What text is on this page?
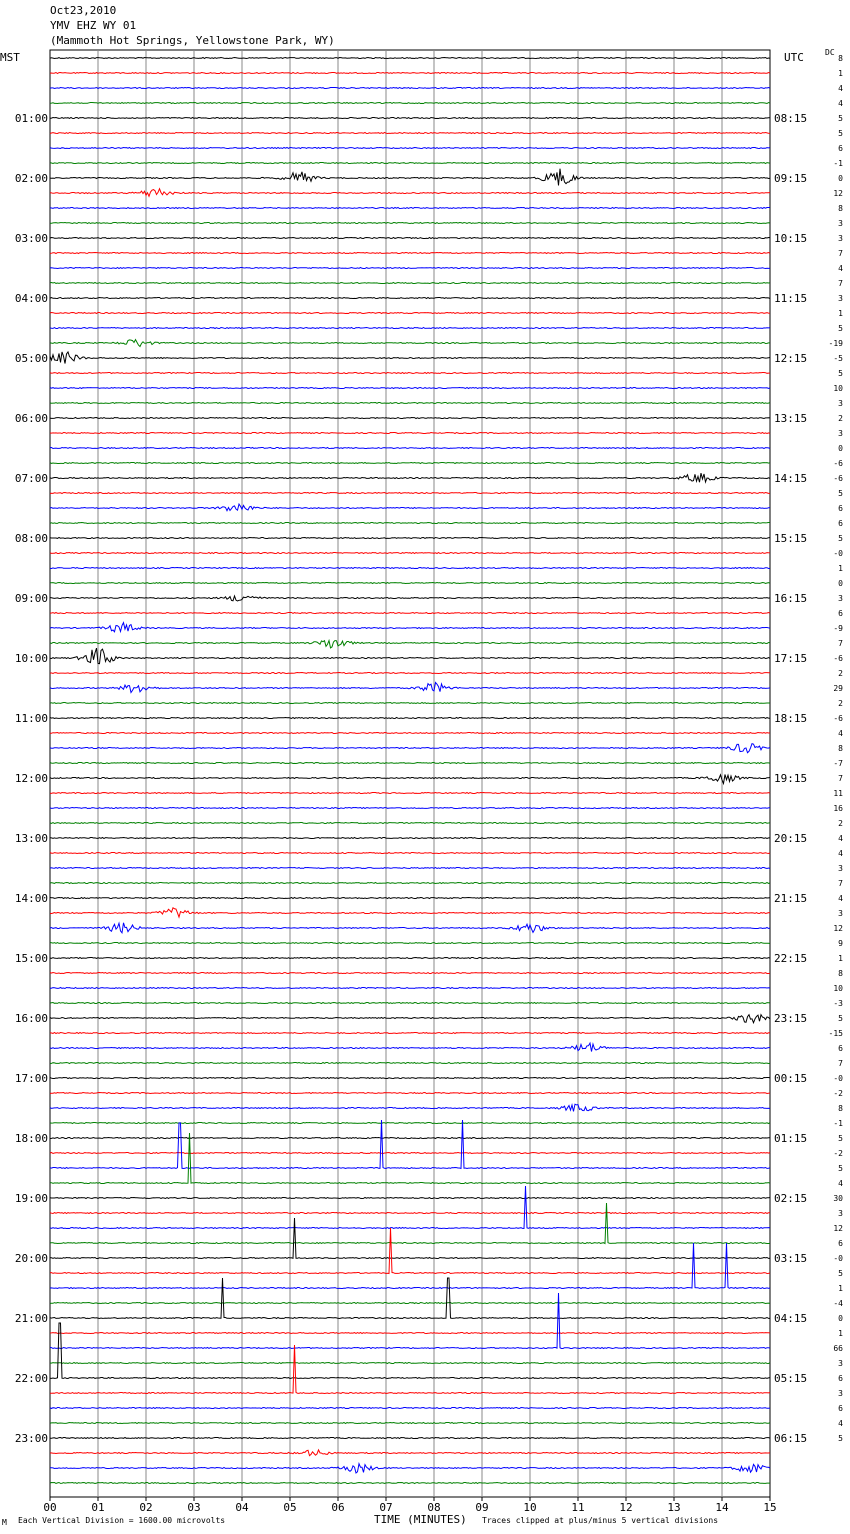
Oct23,2010
YMV EHZ WY 01
(Mammoth Hot Springs, Yellowstone Park, WY)
MST	UTC	DC
00	01	02	03	04	05	06	07	08	09	10	11	12	13	14	15
8
1
4
4
5
5
6
-1
0
12
8
3
3
7
4
7
3
1
5
-19
-5
5
10
3
2
3
0
-6
-6
5
6
6
5
-0
1
0
3
6
-9
7
-6
2
29
2
-6
4
8
-7
7
11
16
2
4
4
3
7
4
3
12
9
1
8
10
-3
5
-15
6
7
-0
-2
8
-1
5
-2
5
4
30
3
12
6
-0
5
1
-4
0
1
66
3
6
3
6
4
5
01:00
02:00
03:00
04:00
05:00
06:00
07:00
08:00
09:00
10:00
11:00
12:00
13:00
14:00
15:00
16:00
17:00
18:00
19:00
20:00
21:00
22:00
23:00
08:15
09:15
10:15
11:15
12:15
13:15
14:15
15:15
16:15
17:15
18:15
19:15
20:15
21:15
22:15
23:15
00:15
01:15
02:15
03:15
04:15
05:15
06:15
M Each Vertical Division = 1600.00 microvolts	TIME (MINUTES) Traces clipped at plus/minus 5 vertical divisions
